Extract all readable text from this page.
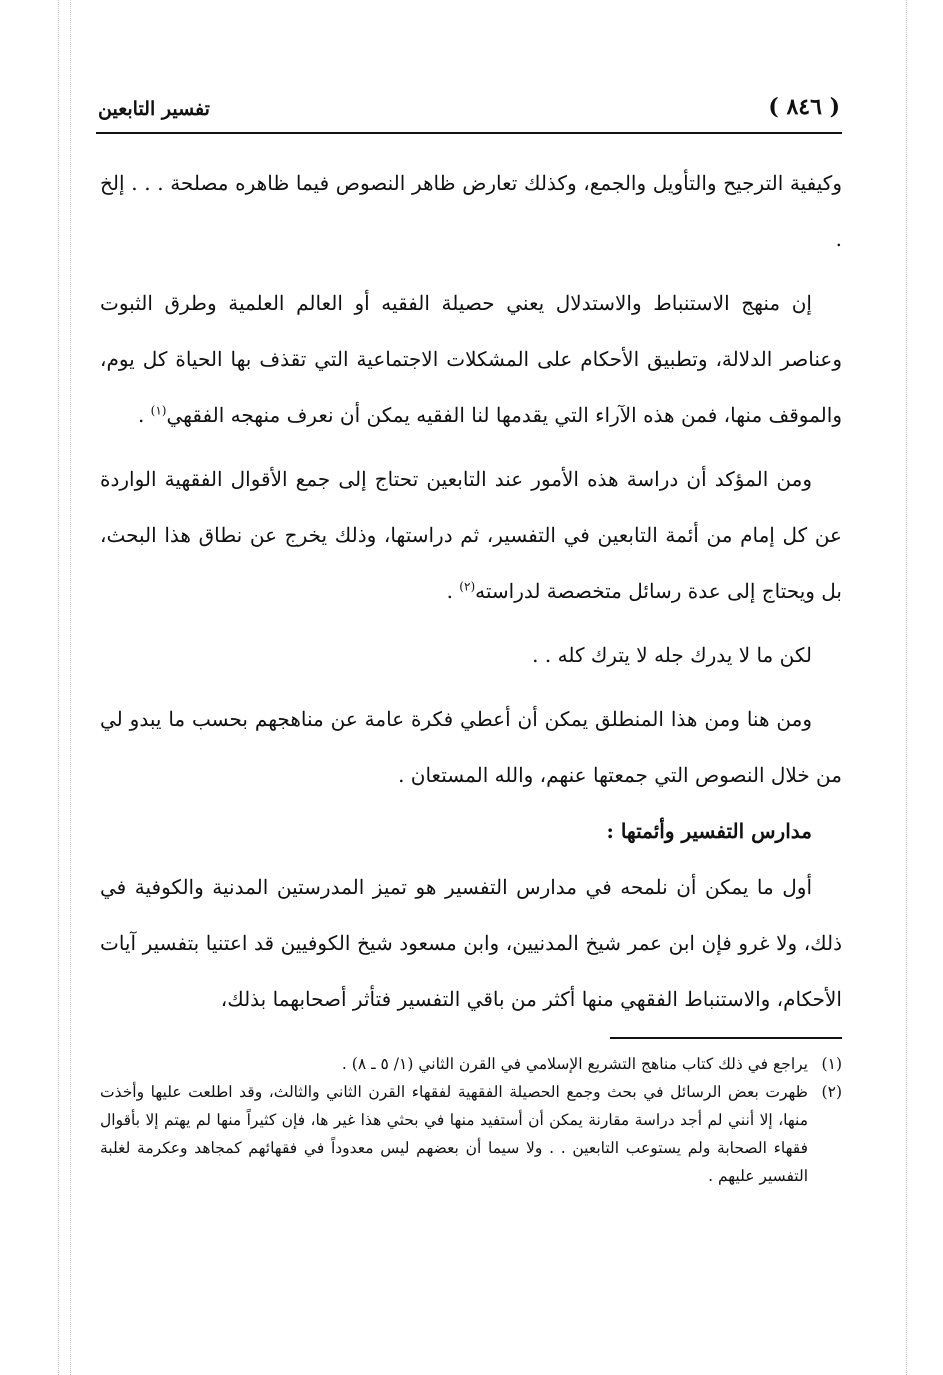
( ٨٤٦ )
تفسير التابعين

وكيفية الترجيح والتأويل والجمع، وكذلك تعارض ظاهر النصوص فيما ظاهره مصلحة . . . إلخ .

إن منهج الاستنباط والاستدلال يعني حصيلة الفقيه أو العالم العلمية وطرق الثبوت وعناصر الدلالة، وتطبيق الأحكام على المشكلات الاجتماعية التي تقذف بها الحياة كل يوم، والموقف منها، فمن هذه الآراء التي يقدمها لنا الفقيه يمكن أن نعرف منهجه الفقهي$^{(١)}$ .

ومن المؤكد أن دراسة هذه الأمور عند التابعين تحتاج إلى جمع الأقوال الفقهية الواردة عن كل إمام من أئمة التابعين في التفسير، ثم دراستها، وذلك يخرج عن نطاق هذا البحث، بل ويحتاج إلى عدة رسائل متخصصة لدراسته$^{(٢)}$ .

لكن ما لا يدرك جله لا يترك كله . .

ومن هنا ومن هذا المنطلق يمكن أن أعطي فكرة عامة عن مناهجهم بحسب ما يبدو لي من خلال النصوص التي جمعتها عنهم، والله المستعان .

مدارس التفسير وأئمتها :

أول ما يمكن أن نلمحه في مدارس التفسير هو تميز المدرستين المدنية والكوفية في ذلك، ولا غرو فإن ابن عمر شيخ المدنيين، وابن مسعود شيخ الكوفيين قد اعتنيا بتفسير آيات الأحكام، والاستنباط الفقهي منها أكثر من باقي التفسير فتأثر أصحابهما بذلك،

(١)
يراجع في ذلك كتاب مناهج التشريع الإسلامي في القرن الثاني (١/ ٥ ـ ٨) .
(٢)
ظهرت بعض الرسائل في بحث وجمع الحصيلة الفقهية لفقهاء القرن الثاني والثالث، وقد اطلعت عليها وأخذت منها، إلا أنني لم أجد دراسة مقارنة يمكن أن أستفيد منها في بحثي هذا غير ها، فإن كثيراً منها لم يهتم إلا بأقوال فقهاء الصحابة ولم يستوعب التابعين . . ولا سيما أن بعضهم ليس معدوداً في فقهائهم كمجاهد وعكرمة لغلبة التفسير عليهم .
